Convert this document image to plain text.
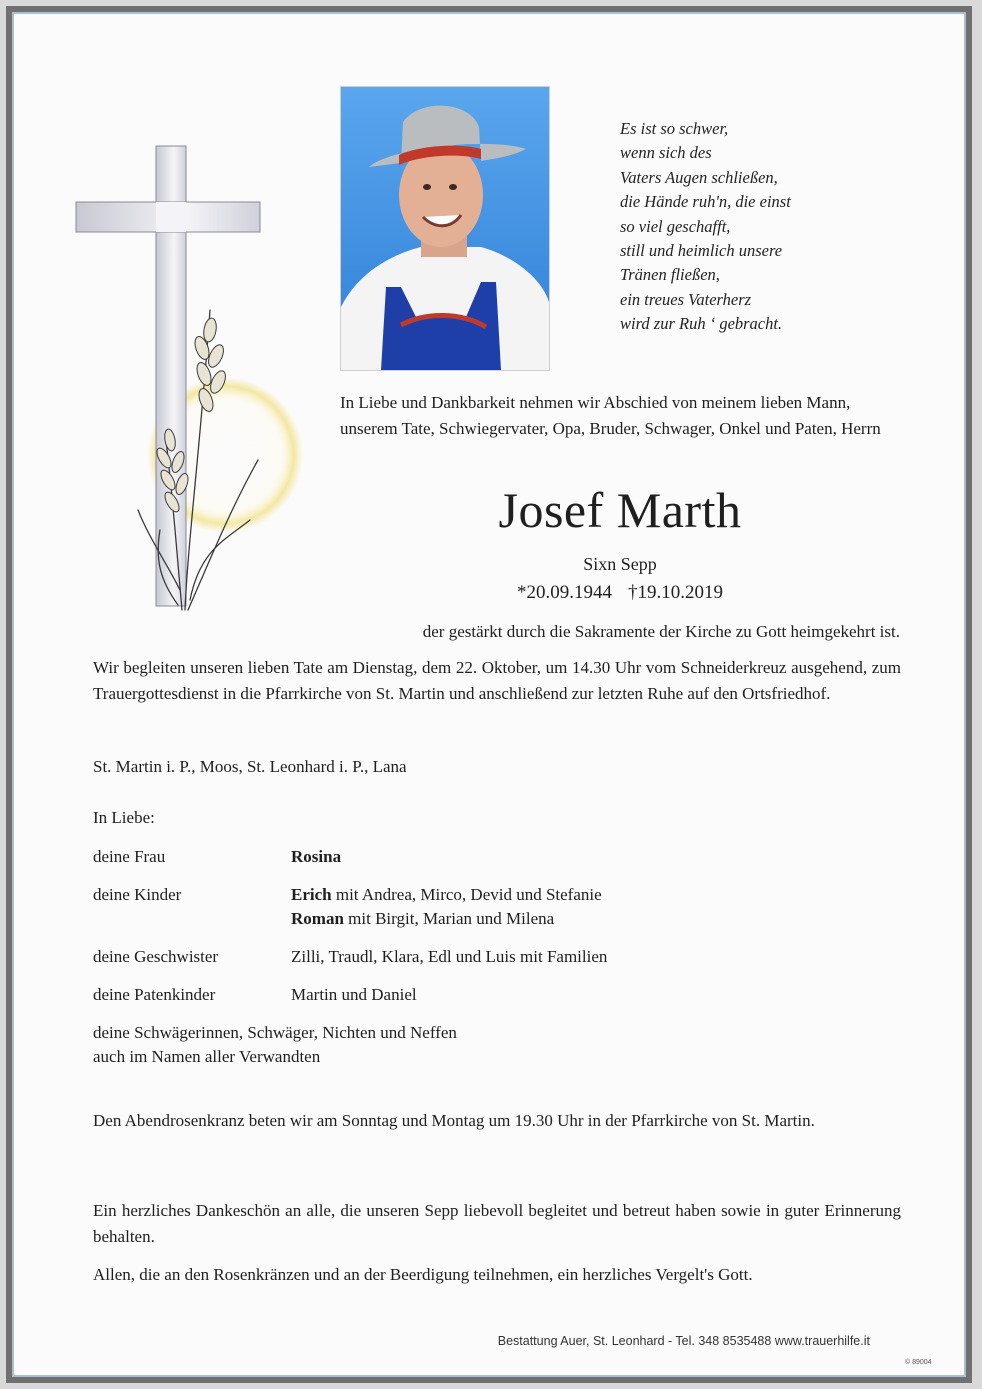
Es ist so schwer,
wenn sich des
Vaters Augen schließen,
die Hände ruh'n, die einst
so viel geschafft,
still und heimlich unsere
Tränen fließen,
ein treues Vaterherz
wird zur Ruh ‘ gebracht.
In Liebe und Dankbarkeit nehmen wir Abschied von meinem lieben Mann, unserem Tate, Schwiegervater, Opa, Bruder, Schwager, Onkel und Paten, Herrn
Josef Marth
Sixn Sepp
*20.09.1944 †19.10.2019
der gestärkt durch die Sakramente der Kirche zu Gott heimgekehrt ist.
Wir begleiten unseren lieben Tate am Dienstag, dem 22. Oktober, um 14.30 Uhr vom Schneiderkreuz ausgehend, zum Trauergottesdienst in die Pfarrkirche von St. Martin und anschließend zur letzten Ruhe auf den Ortsfriedhof.
St. Martin i. P., Moos, St. Leonhard i. P., Lana
In Liebe:
deine Frau	Rosina
deine Kinder	Erich mit Andrea, Mirco, Devid und Stefanie
Roman mit Birgit, Marian und Milena
deine Geschwister	Zilli, Traudl, Klara, Edl und Luis mit Familien
deine Patenkinder	Martin und Daniel
deine Schwägerinnen, Schwäger, Nichten und Neffen
auch im Namen aller Verwandten
Den Abendrosenkranz beten wir am Sonntag und Montag um 19.30 Uhr in der Pfarrkirche von St. Martin.
Ein herzliches Dankeschön an alle, die unseren Sepp liebevoll begleitet und betreut haben sowie in guter Erinnerung behalten.
Allen, die an den Rosenkränzen und an der Beerdigung teilnehmen, ein herzliches Vergelt's Gott.
Bestattung Auer, St. Leonhard - Tel. 348 8535488 www.trauerhilfe.it
© 89004
